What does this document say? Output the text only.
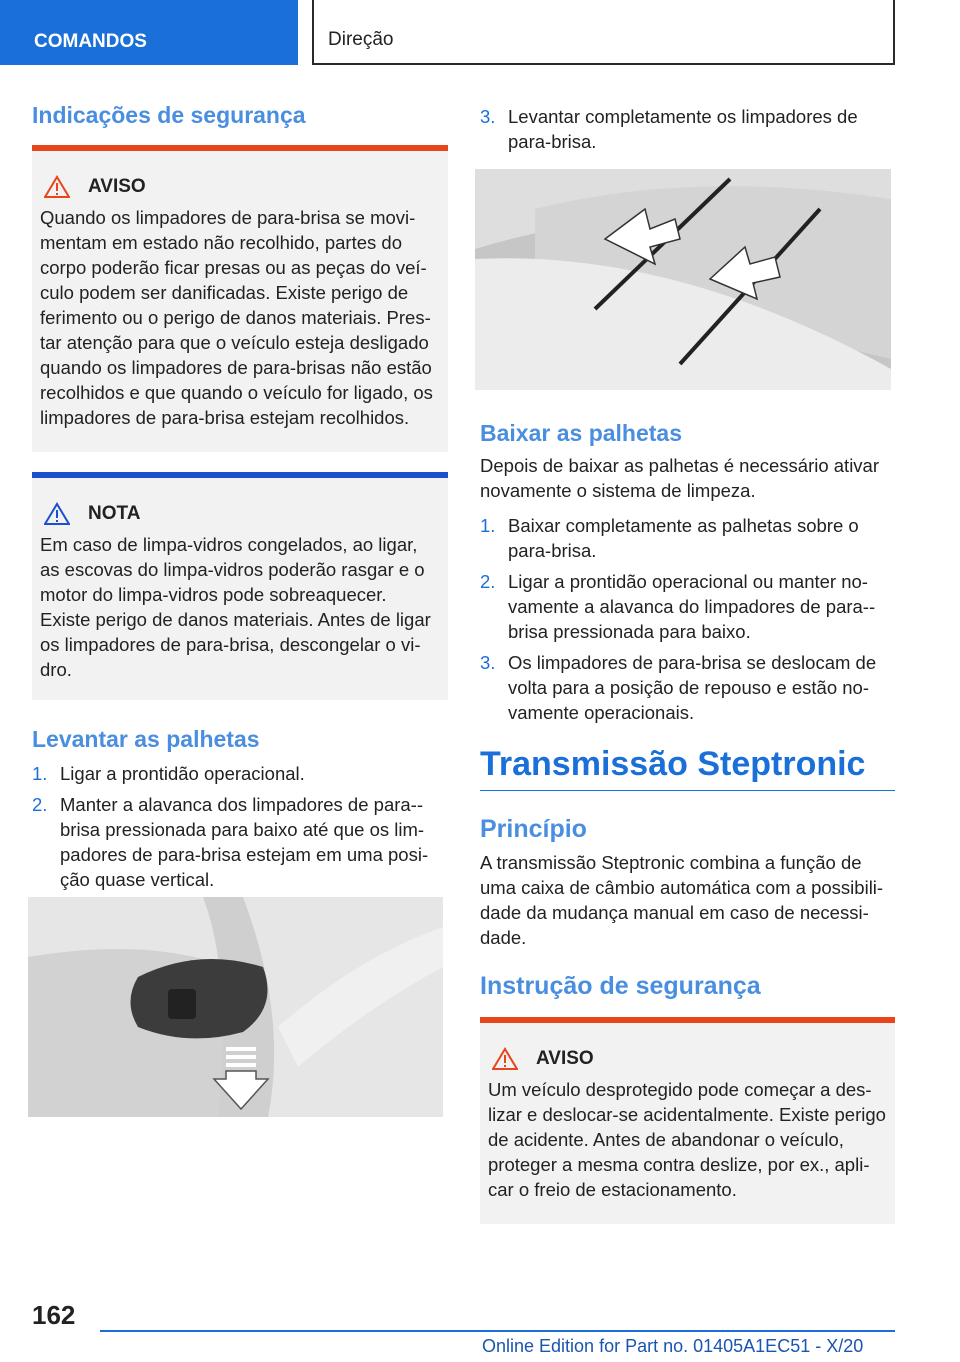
COMANDOS	Direção
Indicações de segurança
AVISO

Quando os limpadores de para-brisa se movimentam em estado não recolhido, partes do corpo poderão ficar presas ou as peças do veículo podem ser danificadas. Existe perigo de ferimento ou o perigo de danos materiais. Prestar atenção para que o veículo esteja desligado quando os limpadores de para-brisas não estão recolhidos e que quando o veículo for ligado, os limpadores de para-brisa estejam recolhidos.

NOTA

Em caso de limpa-vidros congelados, ao ligar, as escovas do limpa-vidros poderão rasgar e o motor do limpa-vidros pode sobreaquecer. Existe perigo de danos materiais. Antes de ligar os limpadores de para-brisa, descongelar o vidro.

Levantar as palhetas
1. Ligar a prontidão operacional.
2. Manter a alavanca dos limpadores de para-brisa pressionada para baixo até que os limpadores de para-brisa estejam em uma posição quase vertical.
3. Levantar completamente os limpadores de para-brisa.
Baixar as palhetas

Depois de baixar as palhetas é necessário ativar novamente o sistema de limpeza.

1. Baixar completamente as palhetas sobre o para-brisa.
2. Ligar a prontidão operacional ou manter novamente a alavanca do limpadores de para-brisa pressionada para baixo.
3. Os limpadores de para-brisa se deslocam de volta para a posição de repouso e estão novamente operacionais.
Transmissão Steptronic
Princípio

A transmissão Steptronic combina a função de uma caixa de câmbio automática com a possibilidade da mudança manual em caso de necessidade.

Instrução de segurança
AVISO

Um veículo desprotegido pode começar a deslizar e deslocar-se acidentalmente. Existe perigo de acidente. Antes de abandonar o veículo, proteger a mesma contra deslize, por ex., aplicar o freio de estacionamento.

162
Online Edition for Part no. 01405A1EC51 - X/20
